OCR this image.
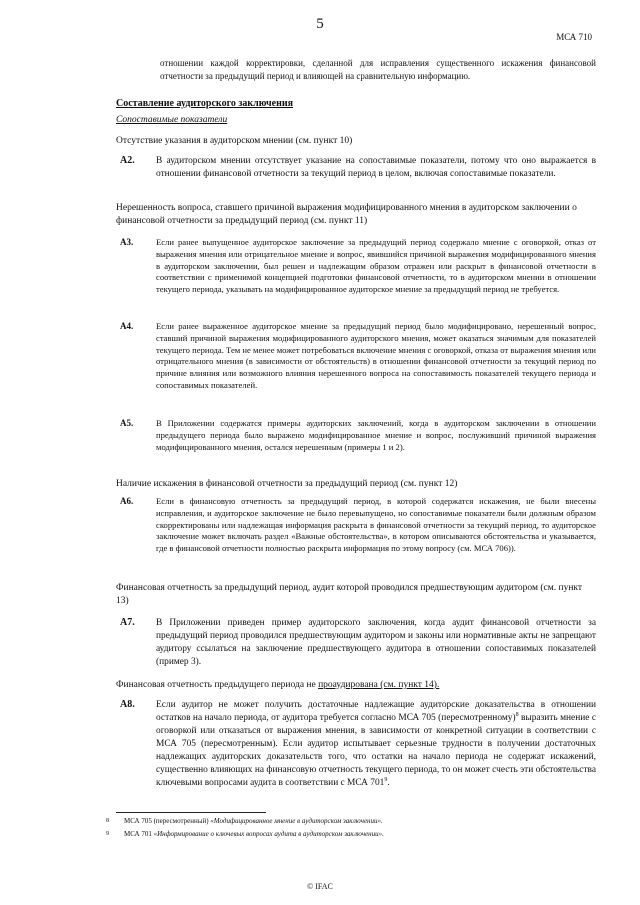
5
МСА 710
отношении каждой корректировки, сделанной для исправления существенного искажения финансовой отчетности за предыдущий период и влияющей на сравнительную информацию.
Составление аудиторского заключения
Сопоставимые показатели
Отсутствие указания в аудиторском мнении (см. пункт 10)
A2. В аудиторском мнении отсутствует указание на сопоставимые показатели, потому что оно выражается в отношении финансовой отчетности за текущий период в целом, включая сопоставимые показатели.
Нерешенность вопроса, ставшего причиной выражения модифицированного мнения в аудиторском заключении о финансовой отчетности за предыдущий период (см. пункт 11)
A3.	Если ранее выпущенное аудиторское заключение за предыдущий период содержало мнение с оговоркой, отказ от выражения мнения или отрицательное мнение и вопрос, явившийся причиной выражения модифицированного мнения в аудиторском заключении, был решен и надлежащим образом отражен или раскрыт в финансовой отчетности в соответствии с применимой концепцией подготовки финансовой отчетности, то в аудиторском мнении в отношении текущего периода, указывать на модифицированное аудиторское мнение за предыдущий период не требуется.
A4.	Если ранее выраженное аудиторское мнение за предыдущий период было модифицировано, нерешенный вопрос, ставший причиной выражения модифицированного аудиторского мнения, может оказаться значимым для показателей текущего периода. Тем не менее может потребоваться включение мнения с оговоркой, отказа от выражения мнения или отрицательного мнения (в зависимости от обстоятельств) в отношении финансовой отчетности за текущий период по причине влияния или возможного влияния нерешенного вопроса на сопоставимость показателей текущего периода и сопоставимых показателей.
A5.	В Приложении содержатся примеры аудиторских заключений, когда в аудиторском заключении в отношении предыдущего периода было выражено модифицированное мнение и вопрос, послуживший причиной выражения модифицированного мнения, остался нерешенным (примеры 1 и 2).
Наличие искажения в финансовой отчетности за предыдущий период (см. пункт 12)
A6.	Если в финансовую отчетность за предыдущий период, в которой содержатся искажения, не были внесены исправления, и аудиторское заключение не было перевыпущено, но сопоставимые показатели были должным образом скорректированы или надлежащая информация раскрыта в финансовой отчетности за текущий период, то аудиторское заключение может включать раздел «Важные обстоятельства», в котором описываются обстоятельства и указывается, где в финансовой отчетности полностью раскрыта информация по этому вопросу (см. МСА 706)).
Финансовая отчетность за предыдущий период, аудит которой проводился предшествующим аудитором (см. пункт 13)
A7. В Приложении приведен пример аудиторского заключения, когда аудит финансовой отчетности за предыдущий период проводился предшествующим аудитором и законы или нормативные акты не запрещают аудитору ссылаться на заключение предшествующего аудитора в отношении сопоставимых показателей (пример 3).
Финансовая отчетность предыдущего периода не проаудирована (см. пункт 14).
A8. Если аудитор не может получить достаточные надлежащие аудиторские доказательства в отношении остатков на начало периода, от аудитора требуется согласно МСА 705 (пересмотренному)$^8$ выразить мнение с оговоркой или отказаться от выражения мнения, в зависимости от конкретной ситуации в соответствии с МСА 705 (пересмотренным). Если аудитор испытывает серьезные трудности в получении достаточных надлежащих аудиторских доказательств того, что остатки на начало периода не содержат искажений, существенно влияющих на финансовую отчетность текущего периода, то он может счесть эти обстоятельства ключевыми вопросами аудита в соответствии с МСА $701^9$.
8 МСА 705 (пересмотренный) «Модифицированное мнение в аудиторском заключении».
9 МСА 701 «Информирование о ключевых вопросах аудита в аудиторском заключении».
© IFAC
